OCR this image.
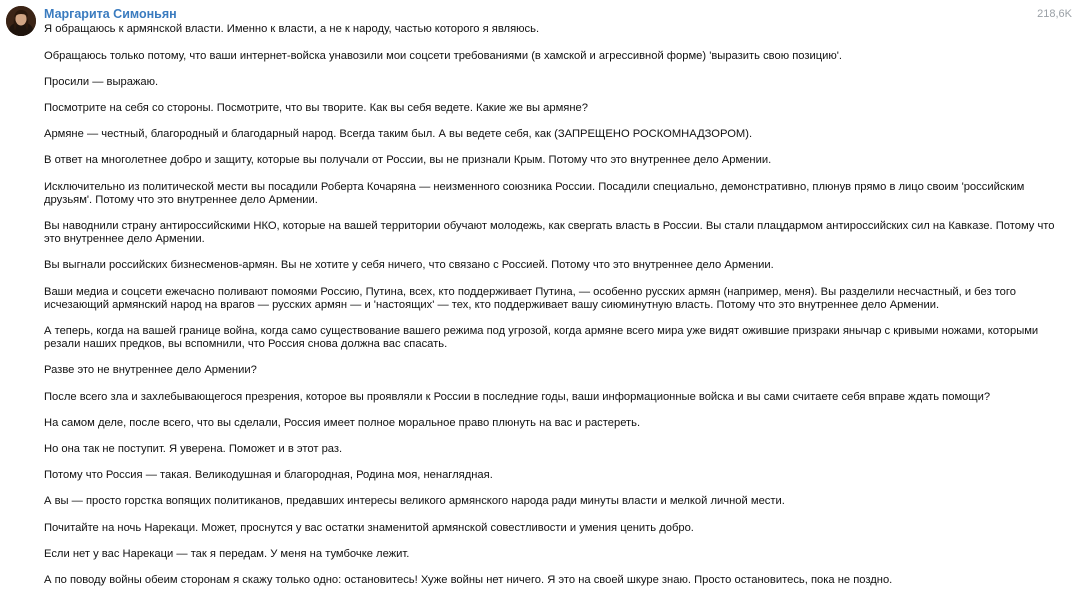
Маргарита Симоньян	218,6K

Я обращаюсь к армянской власти. Именно к власти, а не к народу, частью которого я являюсь.

Обращаюсь только потому, что ваши интернет-войска унавозили мои соцсети требованиями (в хамской и агрессивной форме) 'выразить свою позицию'.

Просили — выражаю.

Посмотрите на себя со стороны. Посмотрите, что вы творите. Как вы себя ведете. Какие же вы армяне?

Армяне — честный, благородный и благодарный народ. Всегда таким был. А вы ведете себя, как (ЗАПРЕЩЕНО РОСКОМНАДЗОРОМ).

В ответ на многолетнее добро и защиту, которые вы получали от России, вы не признали Крым. Потому что это внутреннее дело Армении.

Исключительно из политической мести вы посадили Роберта Кочаряна — неизменного союзника России. Посадили специально, демонстративно, плюнув прямо в лицо своим 'российским друзьям'. Потому что это внутреннее дело Армении.

Вы наводнили страну антироссийскими НКО, которые на вашей территории обучают молодежь, как свергать власть в России. Вы стали плацдармом антироссийских сил на Кавказе. Потому что это внутреннее дело Армении.

Вы выгнали российских бизнесменов-армян. Вы не хотите у себя ничего, что связано с Россией. Потому что это внутреннее дело Армении.

Ваши медиа и соцсети ежечасно поливают помоями Россию, Путина, всех, кто поддерживает Путина, — особенно русских армян (например, меня). Вы разделили несчастный, и без того исчезающий армянский народ на врагов — русских армян — и 'настоящих' — тех, кто поддерживает вашу сиюминутную власть. Потому что это внутреннее дело Армении.

А теперь, когда на вашей границе война, когда само существование вашего режима под угрозой, когда армяне всего мира уже видят ожившие призраки янычар с кривыми ножами, которыми резали наших предков, вы вспомнили, что Россия снова должна вас спасать.

Разве это не внутреннее дело Армении?

После всего зла и захлебывающегося презрения, которое вы проявляли к России в последние годы, ваши информационные войска и вы сами считаете себя вправе ждать помощи?

На самом деле, после всего, что вы сделали, Россия имеет полное моральное право плюнуть на вас и растереть.

Но она так не поступит. Я уверена. Поможет и в этот раз.

Потому что Россия — такая. Великодушная и благородная, Родина моя, ненаглядная.

А вы — просто горстка вопящих политиканов, предавших интересы великого армянского народа ради минуты власти и мелкой личной мести.

Почитайте на ночь Нарекаци. Может, проснутся у вас остатки знаменитой армянской совестливости и умения ценить добро.

Если нет у вас Нарекаци — так я передам. У меня на тумбочке лежит.

А по поводу войны обеим сторонам я скажу только одно: остановитесь! Хуже войны нет ничего. Я это на своей шкуре знаю. Просто остановитесь, пока не поздно.
